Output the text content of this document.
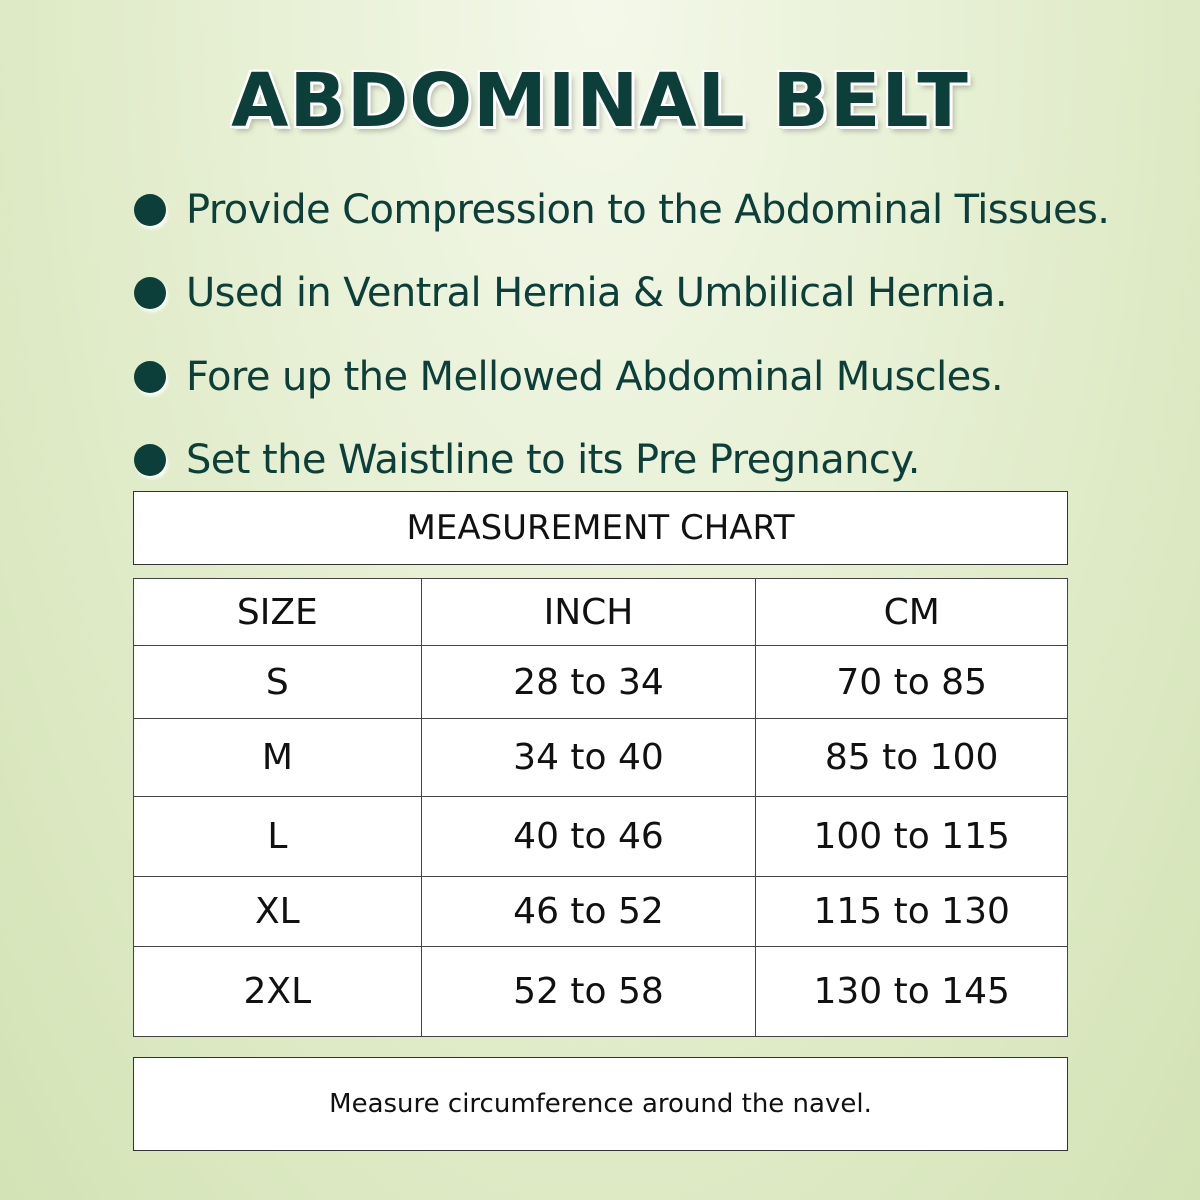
ABDOMINAL BELT
Provide Compression to the Abdominal Tissues.
Used in Ventral Hernia & Umbilical Hernia.
Fore up the Mellowed Abdominal Muscles.
Set the Waistline to its Pre Pregnancy.
MEASUREMENT CHART
SIZE	INCH	CM
S	28 to 34	70 to 85
M	34 to 40	85 to 100
L	40 to 46	100 to 115
XL	46 to 52	115 to 130
2XL	52 to 58	130 to 145
Measure circumference around the navel.
